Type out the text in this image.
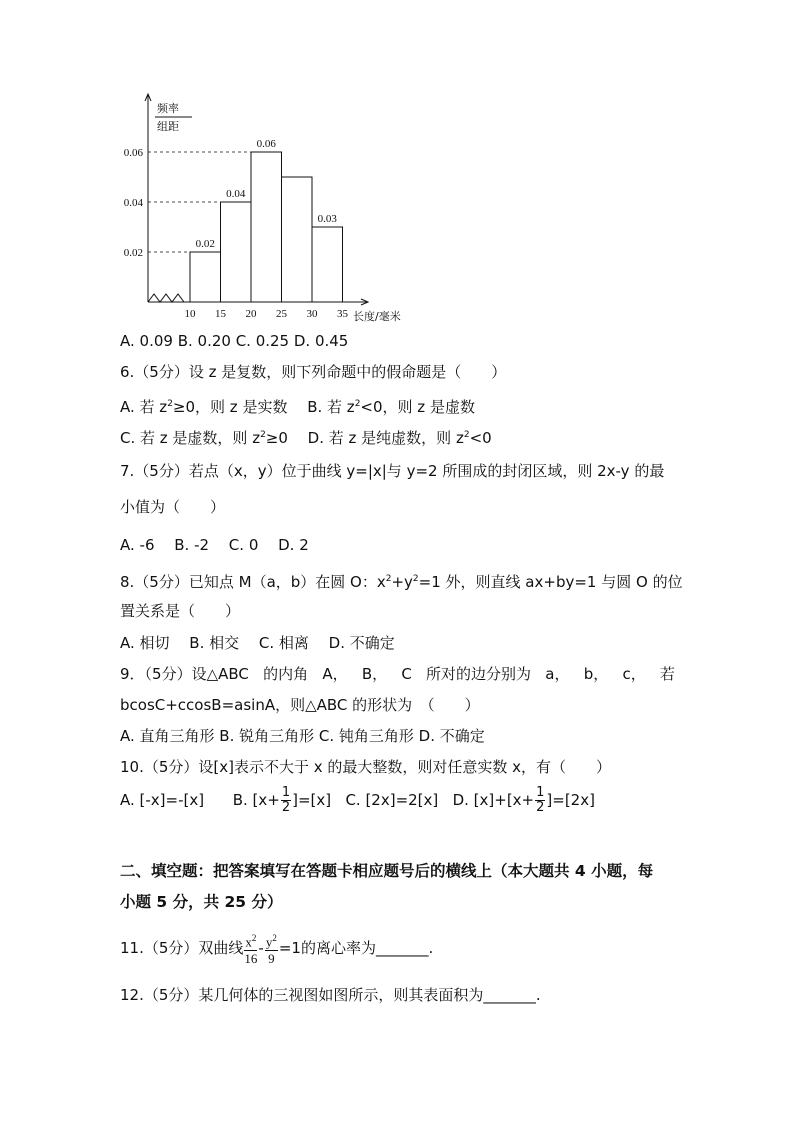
频率
组距
0.02
0.04
0.06
0.03
0.02
0.04
0.06
10 15 20 25 30 35 长度/毫米
A. 0.09 B. 0.20 C. 0.25 D. 0.45
6.（5分）设 z 是复数，则下列命题中的假命题是（　　）
A. 若 $z^2\ge 0$，则 z 是实数　 B. 若 $z^2<0$，则 z 是虚数
C. 若 z 是虚数，则 $z^2\ge 0$　 D. 若 z 是纯虚数，则 $z^2<0$
7.（5分）若点（x，y）位于曲线 y=|x|与 y=2 所围成的封闭区域，则 2x-y 的最
小值为（　　）
A. -6　 B. -2　 C. 0　 D. 2
8.（5分）已知点 M（a，b）在圆 O：$x^2+y^2=1$ 外，则直线 ax+by=1 与圆 O 的位
置关系是（　　）
A. 相切　 B. 相交　 C. 相离　 D. 不确定
9．（5分）设△ABC 的内角 A， B， C 所对的边分别为 a， b， c， 若
bcosC+ccosB=asinA，则△ABC 的形状为　（　　）
A. 直角三角形 B. 锐角三角形 C. 钝角三角形 D. 不确定
10.（5分）设[x]表示不大于 x 的最大整数，则对任意实数 x，有（　　）
A. [-x]=-[x] B. $[x+ \frac{1}{2} ]=[x]$ C. [2x]=2[x] D. $[x]+[x+ \frac{1}{2} ]=[2x]$
二、填空题：把答案填写在答题卡相应题号后的横线上（本大题共 4 小题，每
小题 5 分，共 25 分）
11.（5分）双曲线 $\frac{x^2}{16} - \frac{y^2}{9} =1$的离心率为_______.
12.（5分）某几何体的三视图如图所示，则其表面积为_______.
